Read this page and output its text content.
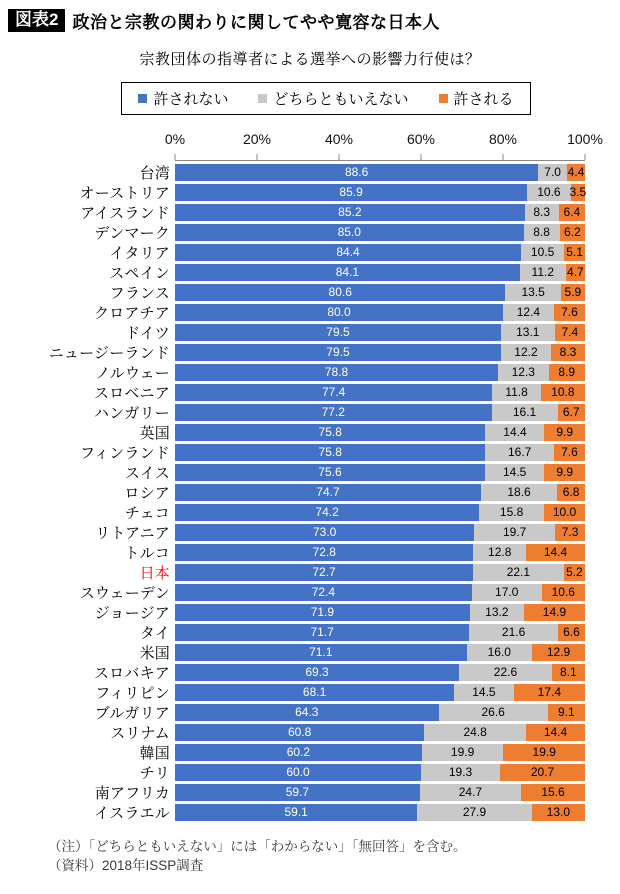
図表2 政治と宗教の関わりに関してやや寛容な日本人
宗教団体の指導者による選挙への影響力行使は？
許されない	どちらともいえない	許される
0%	20%	40%	60%	80%	100%
台湾	88.6	7.0 4.4
オーストリア	85.9	10.6 3.5
アイスランド	85.2	8.3 6.4
デンマーク	85.0	8.8 6.2
イタリア	84.4	10.5 5.1
スペイン	84.1	11.2 4.7
フランス	80.6	13.5 5.9
クロアチア	80.0	12.4 7.6
ドイツ	79.5	13.1 7.4
ニュージーランド	79.5	12.2 8.3
ノルウェー	78.8	12.3 8.9
スロベニア	77.4	11.8 10.8
ハンガリー	77.2	16.1 6.7
英国	75.8	14.4 9.9
フィンランド	75.8	16.7 7.6
スイス	75.6	14.5	9.9
ロシア	74.7	18.6	6.8
チェコ	74.2	15.8 10.0
リトアニア	73.0	19.7	7.3
トルコ	72.8	12.8	14.4
日本	72.7	22.1	5.2
スウェーデン	72.4	17.0	10.6
ジョージア	71.9	13.2	14.9
タイ	71.7	21.6	6.6
米国	71.1	16.0	12.9
スロバキア	69.3	22.6	8.1
フィリピン	68.1	14.5	17.4
ブルガリア	64.3	26.6	9.1
スリナム	60.8	24.8	14.4
韓国	60.2	19.9	19.9
チリ	60.0	19.3	20.7
南アフリカ	59.7	24.7	15.6
イスラエル	59.1	27.9	13.0
（注）「どちらともいえない」には「わからない」「無回答」を含む。
（資料）2018年ISSP調査
